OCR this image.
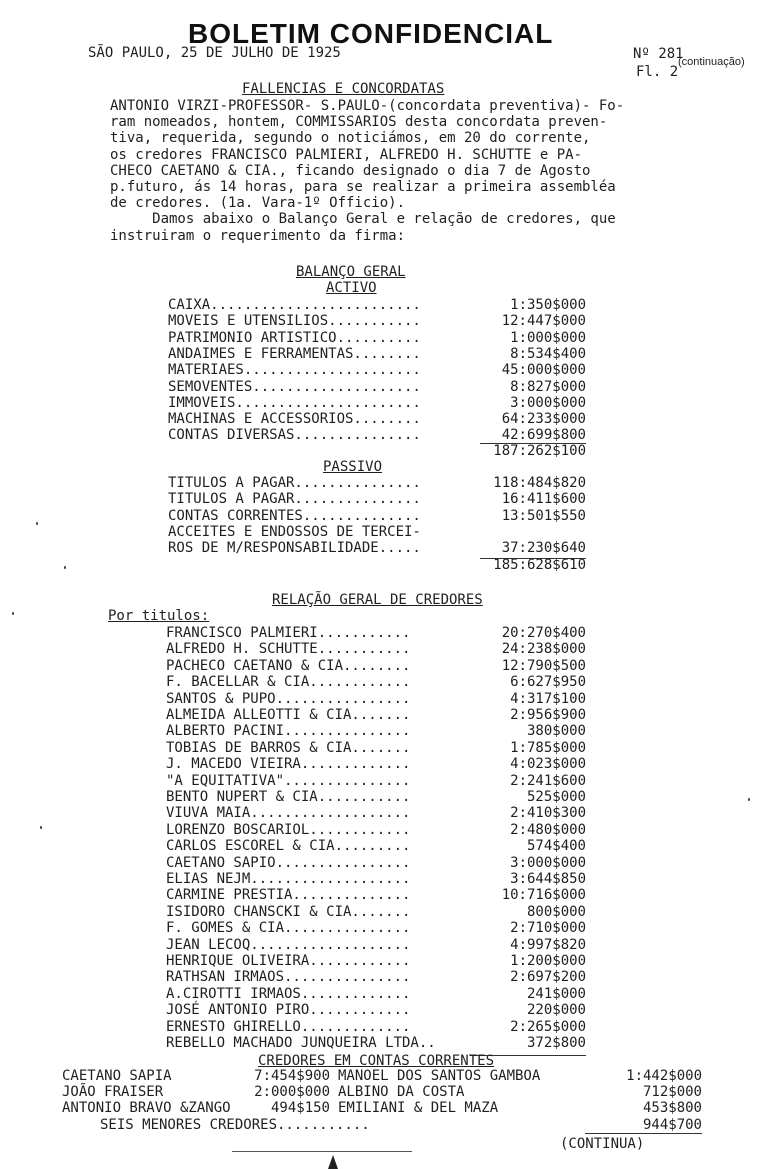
BOLETIM CONFIDENCIAL
SÃO PAULO, 25 DE JULHO DE 1925	Nº 281
(continuação)
Fl. 2
FALLENCIAS E CONCORDATAS
ANTONIO VIRZI-PROFESSOR- S.PAULO-(concordata preventiva)- Fo-
ram nomeados, hontem, COMMISSARIOS desta concordata preven-
tiva, requerida, segundo o noticiámos, em 20 do corrente,
os credores FRANCISCO PALMIERI, ALFREDO H. SCHUTTE e PA-
CHECO CAETANO & CIA., ficando designado o dia 7 de Agosto
p.futuro, ás 14 horas, para se realizar a primeira assembléa
de credores. (1a. Vara-1º Officio).
Damos abaixo o Balanço Geral e relação de credores, que
instruiram o requerimento da firma:
BALANÇO GERAL
ACTIVO
CAIXA.........................	1:350$000
MOVEIS E UTENSILIOS...........	12:447$000
PATRIMONIO ARTISTICO..........	1:000$000
ANDAIMES E FERRAMENTAS........	8:534$400
MATERIAES.....................	45:000$000
SEMOVENTES....................	8:827$000
IMMOVEIS......................	3:000$000
MACHINAS E ACCESSORIOS........	64:233$000
CONTAS DIVERSAS...............	42:699$800
187:262$100
PASSIVO
TITULOS A PAGAR...............	118:484$820
TITULOS A PAGAR...............	16:411$600
CONTAS CORRENTES..............	13:501$550
ACCEITES E ENDOSSOS DE TERCEI-
ROS DE M/RESPONSABILIDADE.....	37:230$640
185:628$610
RELAÇÃO GERAL DE CREDORES
Por titulos:
FRANCISCO PALMIERI...........	20:270$400
ALFREDO H. SCHUTTE...........	24:238$000
PACHECO CAETANO & CIA........	12:790$500
F. BACELLAR & CIA............	6:627$950
SANTOS & PUPO................	4:317$100
ALMEIDA ALLEOTTI & CIA.......	2:956$900
ALBERTO PACINI...............	380$000
TOBIAS DE BARROS & CIA.......	1:785$000
J. MACEDO VIEIRA.............	4:023$000
"A EQUITATIVA"...............	2:241$600
BENTO NUPERT & CIA...........	525$000
VIUVA MAIA...................	2:410$300
LORENZO BOSCARIOL............	2:480$000
CARLOS ESCOREL & CIA.........	574$400
CAETANO SAPIO................	3:000$000
ELIAS NEJM...................	3:644$850
CARMINE PRESTIA..............	10:716$000
ISIDORO CHANSCKI & CIA.......	800$000
F. GOMES & CIA...............	2:710$000
JEAN LECOQ...................	4:997$820
HENRIQUE OLIVEIRA............	1:200$000
RATHSAN IRMAOS...............	2:697$200
A.CIROTTI IRMAOS.............	241$000
JOSÉ ANTONIO PIRO............	220$000
ERNESTO GHIRELLO.............	2:265$000
REBELLO MACHADO JUNQUEIRA LTDA..	372$800
CREDORES EM CONTAS CORRENTES
CAETANO SAPIA	7:454$900 MANOEL DOS SANTOS GAMBOA	1:442$000
JOÃO FRAISER	2:000$000 ALBINO DA COSTA	712$000
ANTONIO BRAVO &ZANGO	494$150 EMILIANI & DEL MAZA	453$800
SEIS MENORES CREDORES...........	944$700
(CONTINUA)
